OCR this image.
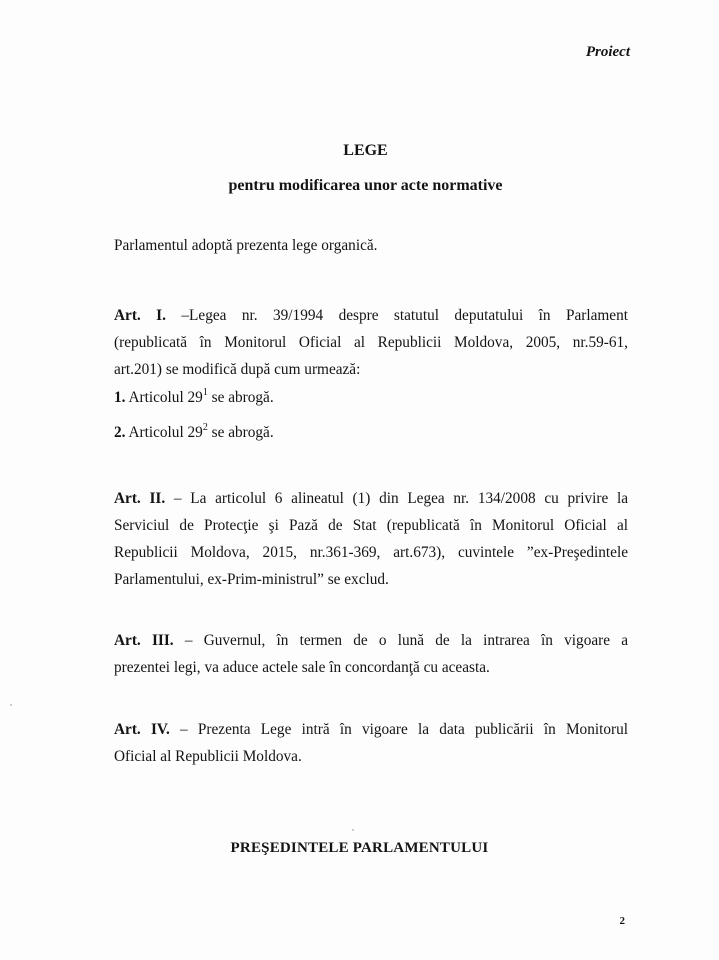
Proiect

LEGE

pentru modificarea unor acte normative

Parlamentul adoptă prezenta lege organică.

Art. I. –Legea nr. 39/1994 despre statutul deputatului în Parlament
(republicată în Monitorul Oficial al Republicii Moldova, 2005, nr.59-61,
art.201) se modifică după cum urmează:

1. Articolul $29^1$ se abrogă.

2. Articolul $29^2$ se abrogă.

Art. II. – La articolul 6 alineatul (1) din Legea nr. 134/2008 cu privire la
Serviciul de Protecţie şi Pază de Stat (republicată în Monitorul Oficial al
Republicii Moldova, 2015, nr.361-369, art.673), cuvintele ”ex-Preşedintele
Parlamentului, ex-Prim-ministrul” se exclud.
Art. III. – Guvernul, în termen de o lună de la intrarea în vigoare a
prezentei legi, va aduce actele sale în concordanţă cu aceasta.
Art. IV. – Prezenta Lege intră în vigoare la data publicării în Monitorul
Oficial al Republicii Moldova.

PREŞEDINTELE PARLAMENTULUI

2
